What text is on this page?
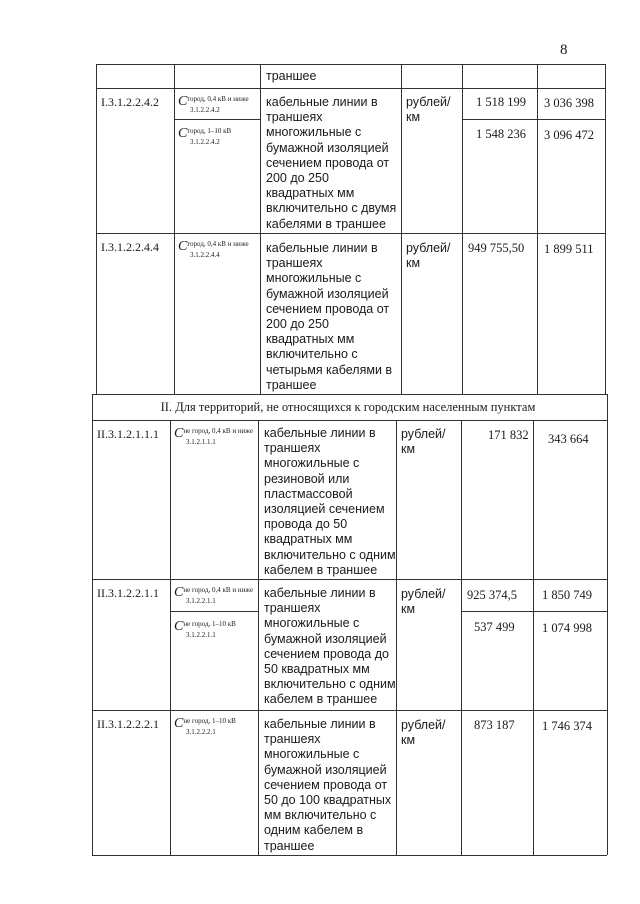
8
траншее
I.3.1.2.2.4.2 $C^{город, 0,4 кВ и ниже}$
3.1.2.2.4.2
$C^{город, 1-10 кВ}$
3.1.2.2.4.2
кабельные линии в
траншеях
многожильные с
бумажной изоляцией
сечением провода от
200 до 250
квадратных мм
включительно с двумя
кабелями в траншее
рублей/
км
1 518 199 3 036 398
1 548 236 3 096 472
I.3.1.2.2.4.4 $C^{город, 0,4 кВ и ниже}$
3.1.2.2.4.4	кабельные линии в
траншеях
многожильные с
бумажной изоляцией
сечением провода от
200 до 250
квадратных мм
включительно с
четырьмя кабелями в
траншее
рублей/
км
949 755,50 1 899 511
II. Для территорий, не относящихся к городским населенным пунктам
II.3.1.2.1.1.1 $C^{не город, 0,4 кВ и ниже}$
3.1.2.1.1.1
кабельные линии в
траншеях
многожильные с
резиновой или
пластмассовой
изоляцией сечением
провода до 50
квадратных мм
включительно с одним
кабелем в траншее
рублей/
км
171 832 343 664
II.3.1.2.2.1.1 $C^{не город, 0,4 кВ и ниже}$
3.1.2.2.1.1
$C^{не город, 1-10 кВ}$
3.1.2.2.1.1
кабельные линии в
траншеях
многожильные с
бумажной изоляцией
сечением провода до
50 квадратных мм
включительно с одним
кабелем в траншее
рублей/
км
925 374,5 1 850 749
537 499 1 074 998
II.3.1.2.2.2.1 $C^{не город, 1-10 кВ}$
3.1.2.2.2.1
кабельные линии в
траншеях
многожильные с
бумажной изоляцией
сечением провода от
50 до 100 квадратных
мм включительно с
одним кабелем в
траншее
рублей/
км
873 187 1 746 374
